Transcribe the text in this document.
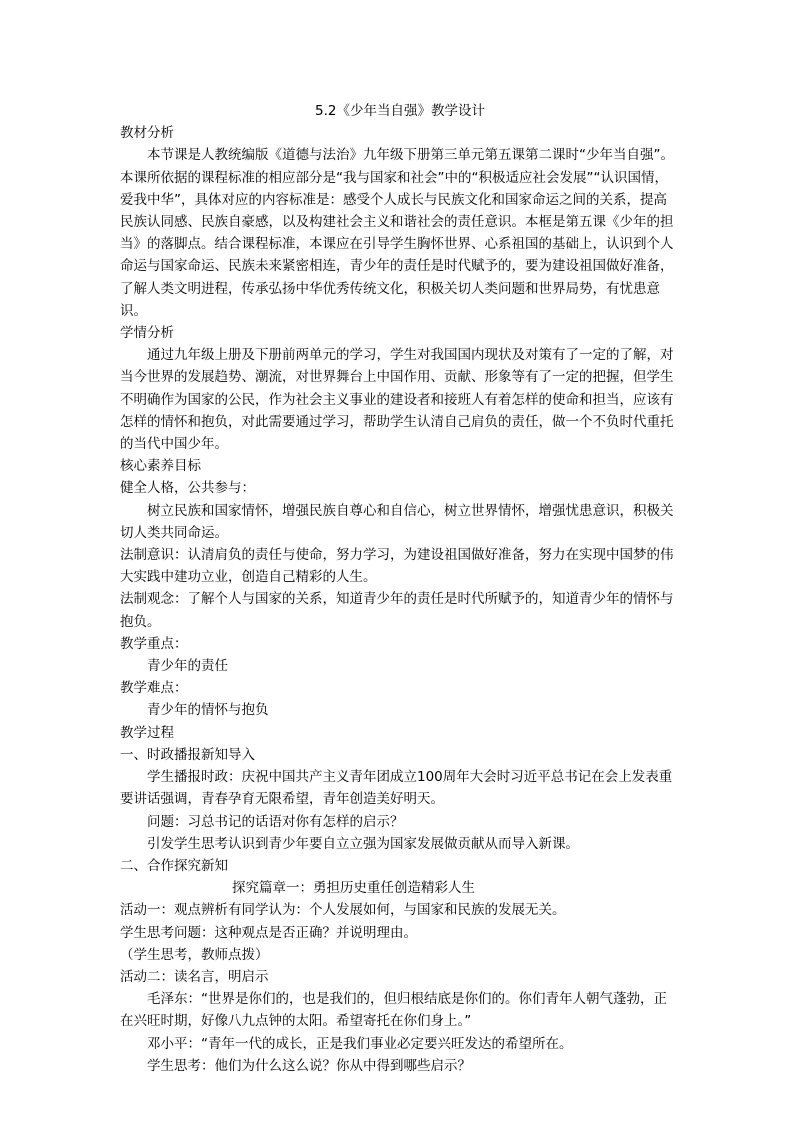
5.2《少年当自强》教学设计

教材分析

本节课是人教统编版《道德与法治》九年级下册第三单元第五课第二课时“少年当自强”。本课所依据的课程标准的相应部分是“我与国家和社会”中的“积极适应社会发展”“认识国情，爱我中华”，具体对应的内容标准是：感受个人成长与民族文化和国家命运之间的关系，提高民族认同感、民族自豪感，以及构建社会主义和谐社会的责任意识。本框是第五课《少年的担当》的落脚点。结合课程标准，本课应在引导学生胸怀世界、心系祖国的基础上，认识到个人命运与国家命运、民族未来紧密相连，青少年的责任是时代赋予的，要为建设祖国做好准备，了解人类文明进程，传承弘扬中华优秀传统文化，积极关切人类问题和世界局势，有忧患意识。

学情分析

通过九年级上册及下册前两单元的学习，学生对我国国内现状及对策有了一定的了解，对当今世界的发展趋势、潮流，对世界舞台上中国作用、贡献、形象等有了一定的把握，但学生不明确作为国家的公民，作为社会主义事业的建设者和接班人有着怎样的使命和担当，应该有怎样的情怀和抱负，对此需要通过学习，帮助学生认清自己肩负的责任，做一个不负时代重托的当代中国少年。

核心素养目标

健全人格，公共参与：

树立民族和国家情怀，增强民族自尊心和自信心，树立世界情怀，增强忧患意识，积极关切人类共同命运。

法制意识：认清肩负的责任与使命，努力学习，为建设祖国做好准备，努力在实现中国梦的伟大实践中建功立业，创造自己精彩的人生。

法制观念：了解个人与国家的关系，知道青少年的责任是时代所赋予的，知道青少年的情怀与抱负。

教学重点：

青少年的责任

教学难点：

青少年的情怀与抱负

教学过程

一、时政播报新知导入

学生播报时政：庆祝中国共产主义青年团成立100周年大会时习近平总书记在会上发表重要讲话强调，青春孕育无限希望，青年创造美好明天。

问题：习总书记的话语对你有怎样的启示？

引发学生思考认识到青少年要自立立强为国家发展做贡献从而导入新课。

二、合作探究新知

探究篇章一：勇担历史重任创造精彩人生

活动一：观点辨析有同学认为：个人发展如何，与国家和民族的发展无关。

学生思考问题：这种观点是否正确？并说明理由。

（学生思考，教师点拨）

活动二：读名言，明启示

毛泽东：“世界是你们的，也是我们的，但归根结底是你们的。你们青年人朝气蓬勃，正在兴旺时期，好像八九点钟的太阳。希望寄托在你们身上。”

邓小平：“青年一代的成长，正是我们事业必定要兴旺发达的希望所在。

学生思考：他们为什么这么说？你从中得到哪些启示？
